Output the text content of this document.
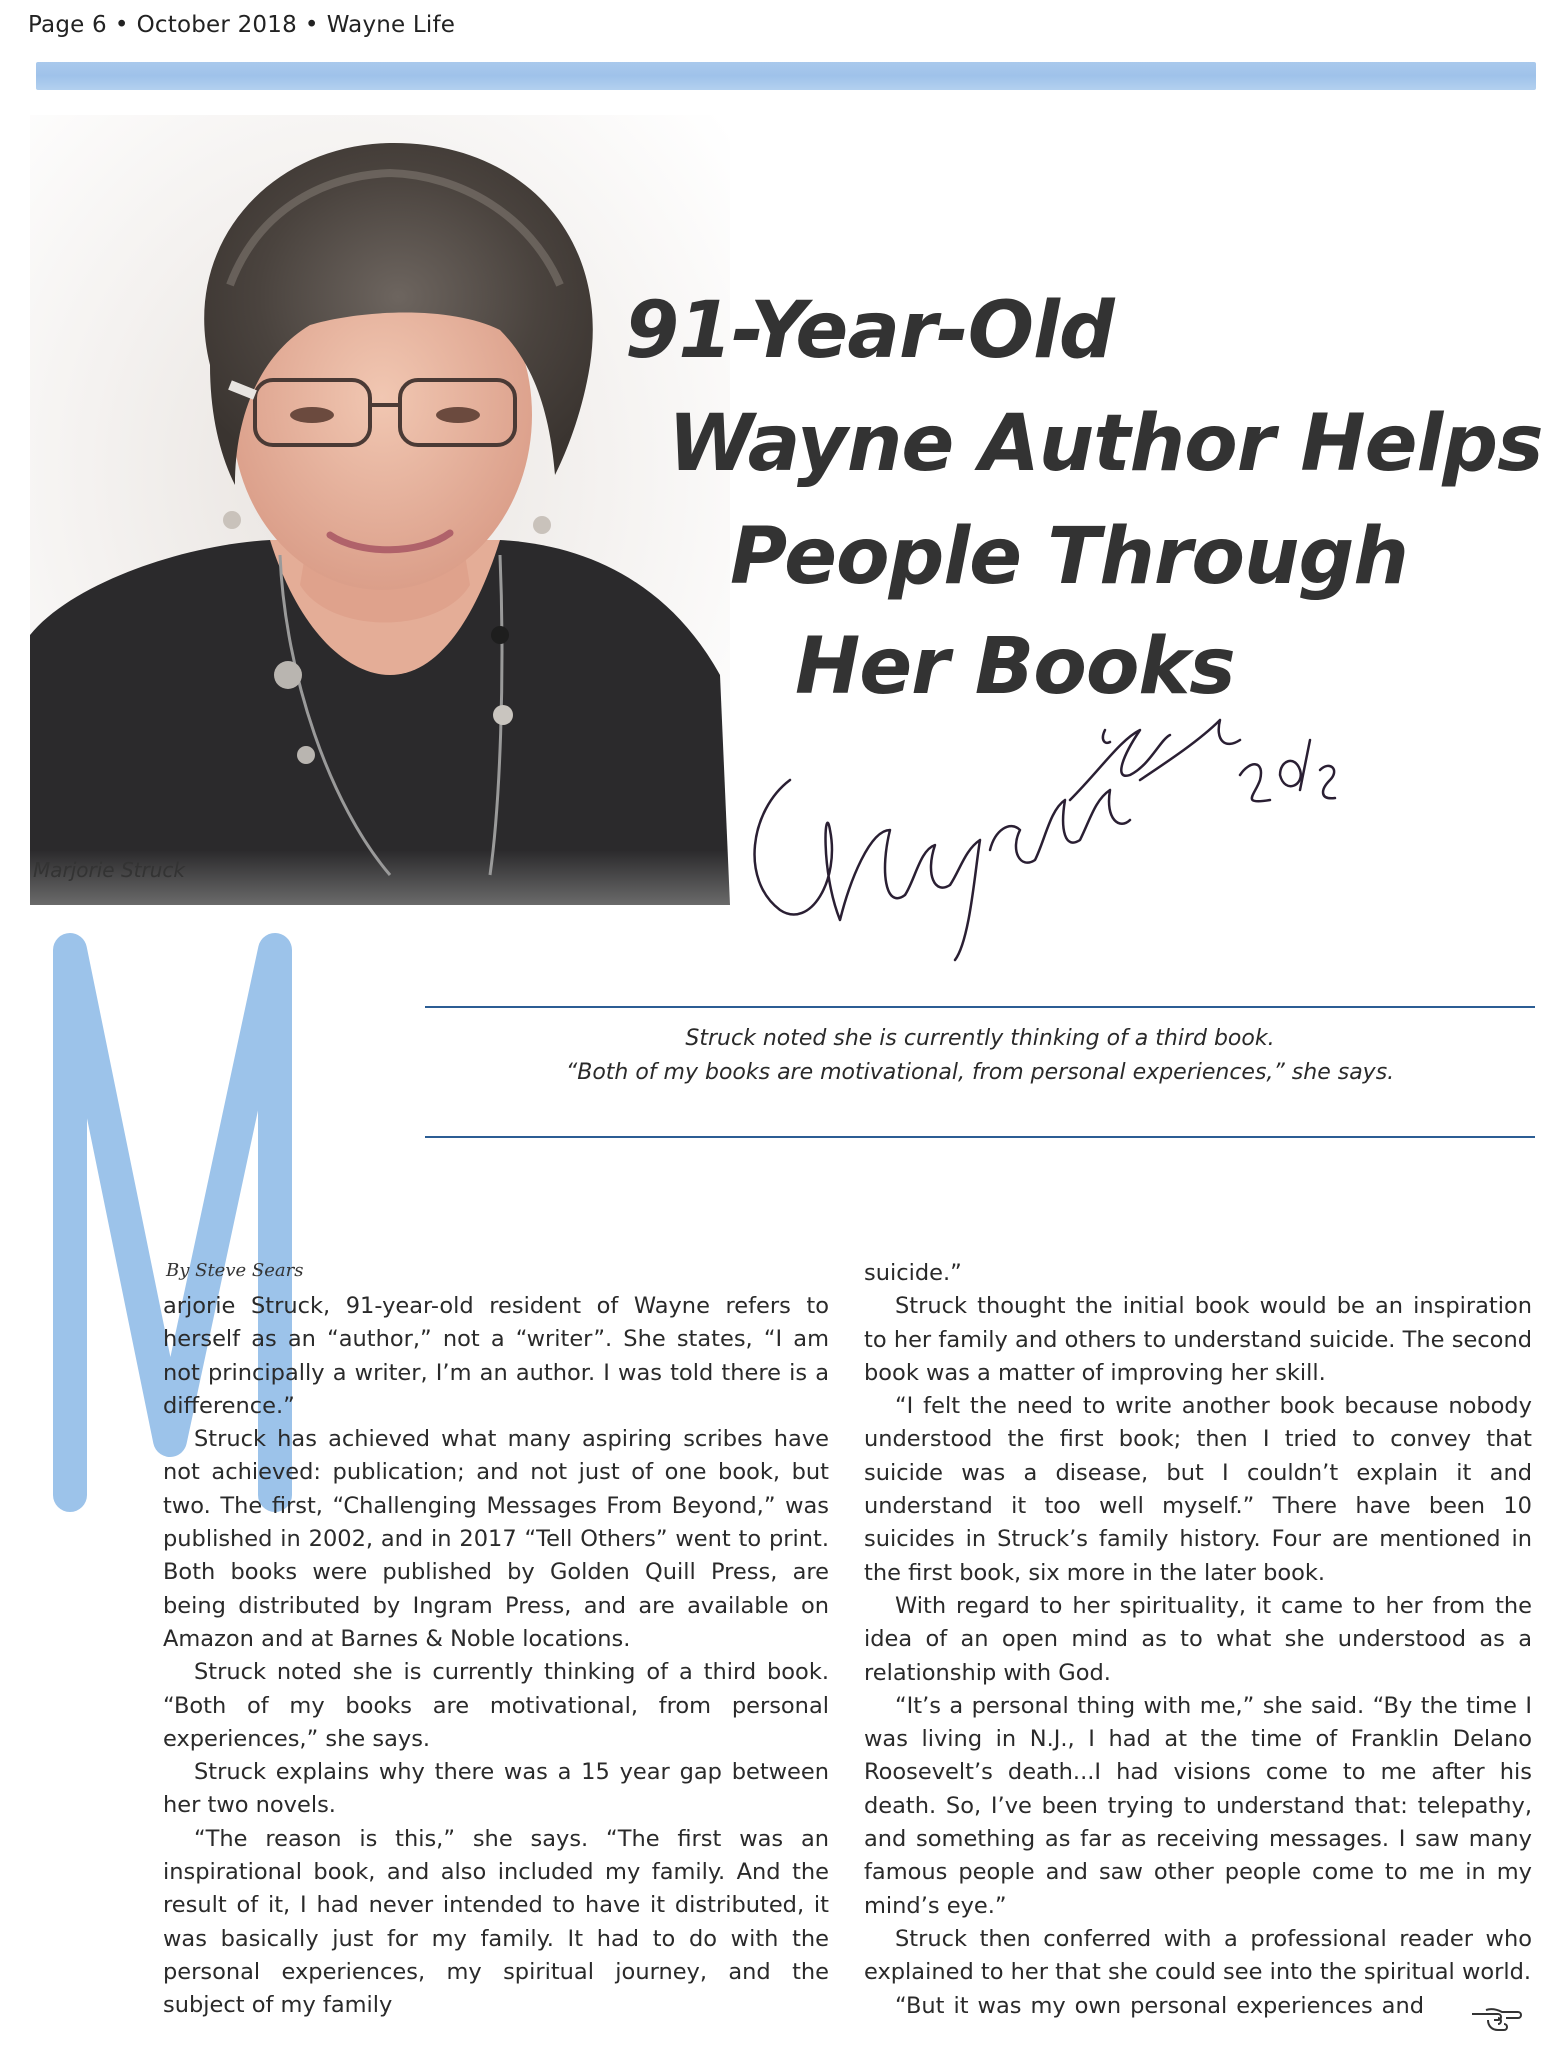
Page 6 • October 2018 • Wayne Life
Marjorie Struck
91-Year-Old
Wayne Author Helps
People Through
Her Books
Struck noted she is currently thinking of a third book.
“Both of my books are motivational, from personal experiences,” she says.
By Steve Sears

arjorie Struck, 91-year-old resident of Wayne refers to herself as an “author,” not a “writer”. She states, “I am not principally a writer, I’m an author. I was told there is a difference.”

Struck has achieved what many aspiring scribes have not achieved: publication; and not just of one book, but two. The first, “Challenging Messages From Beyond,” was published in 2002, and in 2017 “Tell Others” went to print. Both books were published by Golden Quill Press, are being distributed by Ingram Press, and are available on Amazon and at Barnes & Noble locations.

Struck noted she is currently thinking of a third book. “Both of my books are motivational, from personal experiences,” she says.

Struck explains why there was a 15 year gap between her two novels.

“The reason is this,” she says. “The first was an inspirational book, and also included my family. And the result of it, I had never intended to have it distributed, it was basically just for my family. It had to do with the personal experiences, my spiritual journey, and the subject of my family

suicide.”

Struck thought the initial book would be an inspiration to her family and others to understand suicide. The second book was a matter of improving her skill.

“I felt the need to write another book because nobody understood the first book; then I tried to convey that suicide was a disease, but I couldn’t explain it and understand it too well myself.” There have been 10 suicides in Struck’s family history. Four are mentioned in the first book, six more in the later book.

With regard to her spirituality, it came to her from the idea of an open mind as to what she understood as a relationship with God.

“It’s a personal thing with me,” she said. “By the time I was living in N.J., I had at the time of Franklin Delano Roosevelt’s death...I had visions come to me after his death. So, I’ve been trying to understand that: telepathy, and something as far as receiving messages. I saw many famous people and saw other people come to me in my mind’s eye.”

Struck then conferred with a professional reader who explained to her that she could see into the spiritual world.

“But it was my own personal experiences and
